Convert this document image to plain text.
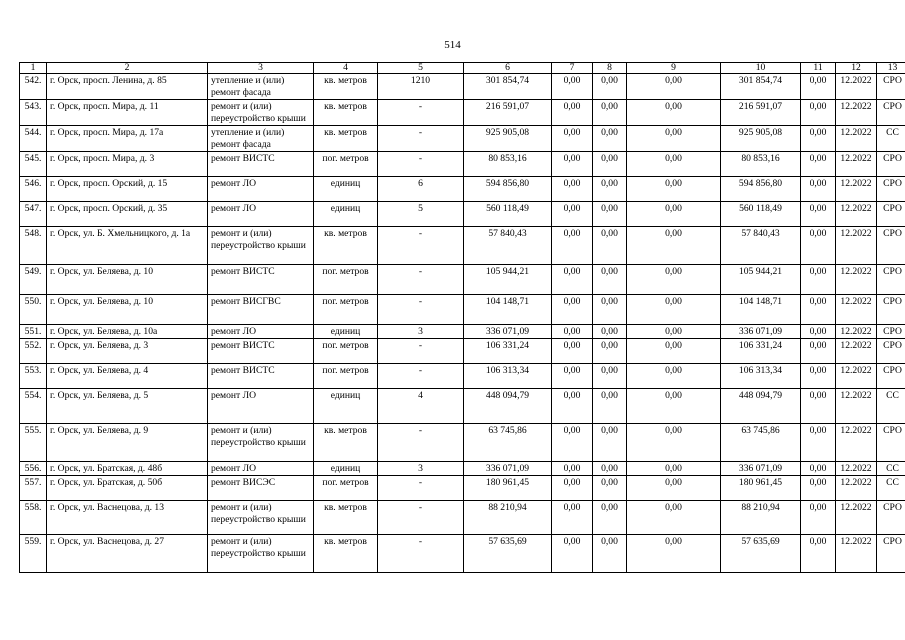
514
1	2	3	4	5	6	7	8	9	10	11	12	13
542.	г. Орск, просп. Ленина, д. 85	утепление и (или) ремонт фасада	кв. метров	1210	301 854,74	0,00	0,00	0,00	301 854,74	0,00	12.2022	СРО
543.	г. Орск, просп. Мира, д. 11	ремонт и (или) переустройство крыши	кв. метров	-	216 591,07	0,00	0,00	0,00	216 591,07	0,00	12.2022	СРО
544.	г. Орск, просп. Мира, д. 17а	утепление и (или) ремонт фасада	кв. метров	-	925 905,08	0,00	0,00	0,00	925 905,08	0,00	12.2022	СС
545.	г. Орск, просп. Мира, д. 3	ремонт ВИСТС	пог. метров	-	80 853,16	0,00	0,00	0,00	80 853,16	0,00	12.2022	СРО
546.	г. Орск, просп. Орский, д. 15	ремонт ЛО	единиц	6	594 856,80	0,00	0,00	0,00	594 856,80	0,00	12.2022	СРО
547.	г. Орск, просп. Орский, д. 35	ремонт ЛО	единиц	5	560 118,49	0,00	0,00	0,00	560 118,49	0,00	12.2022	СРО
548.	г. Орск, ул. Б. Хмельницкого, д. 1а	ремонт и (или) переустройство крыши	кв. метров	-	57 840,43	0,00	0,00	0,00	57 840,43	0,00	12.2022	СРО
549.	г. Орск, ул. Беляева, д. 10	ремонт ВИСТС	пог. метров	-	105 944,21	0,00	0,00	0,00	105 944,21	0,00	12.2022	СРО
550.	г. Орск, ул. Беляева, д. 10	ремонт ВИСГВС	пог. метров	-	104 148,71	0,00	0,00	0,00	104 148,71	0,00	12.2022	СРО
551.	г. Орск, ул. Беляева, д. 10а	ремонт ЛО	единиц	3	336 071,09	0,00	0,00	0,00	336 071,09	0,00	12.2022	СРО
552.	г. Орск, ул. Беляева, д. 3	ремонт ВИСТС	пог. метров	-	106 331,24	0,00	0,00	0,00	106 331,24	0,00	12.2022	СРО
553.	г. Орск, ул. Беляева, д. 4	ремонт ВИСТС	пог. метров	-	106 313,34	0,00	0,00	0,00	106 313,34	0,00	12.2022	СРО
554.	г. Орск, ул. Беляева, д. 5	ремонт ЛО	единиц	4	448 094,79	0,00	0,00	0,00	448 094,79	0,00	12.2022	СС
555.	г. Орск, ул. Беляева, д. 9	ремонт и (или) переустройство крыши	кв. метров	-	63 745,86	0,00	0,00	0,00	63 745,86	0,00	12.2022	СРО
556.	г. Орск, ул. Братская, д. 48б	ремонт ЛО	единиц	3	336 071,09	0,00	0,00	0,00	336 071,09	0,00	12.2022	СС
557.	г. Орск, ул. Братская, д. 50б	ремонт ВИСЭС	пог. метров	-	180 961,45	0,00	0,00	0,00	180 961,45	0,00	12.2022	СС
558.	г. Орск, ул. Васнецова, д. 13	ремонт и (или) переустройство крыши	кв. метров	-	88 210,94	0,00	0,00	0,00	88 210,94	0,00	12.2022	СРО
559.	г. Орск, ул. Васнецова, д. 27	ремонт и (или) переустройство крыши	кв. метров	-	57 635,69	0,00	0,00	0,00	57 635,69	0,00	12.2022	СРО
